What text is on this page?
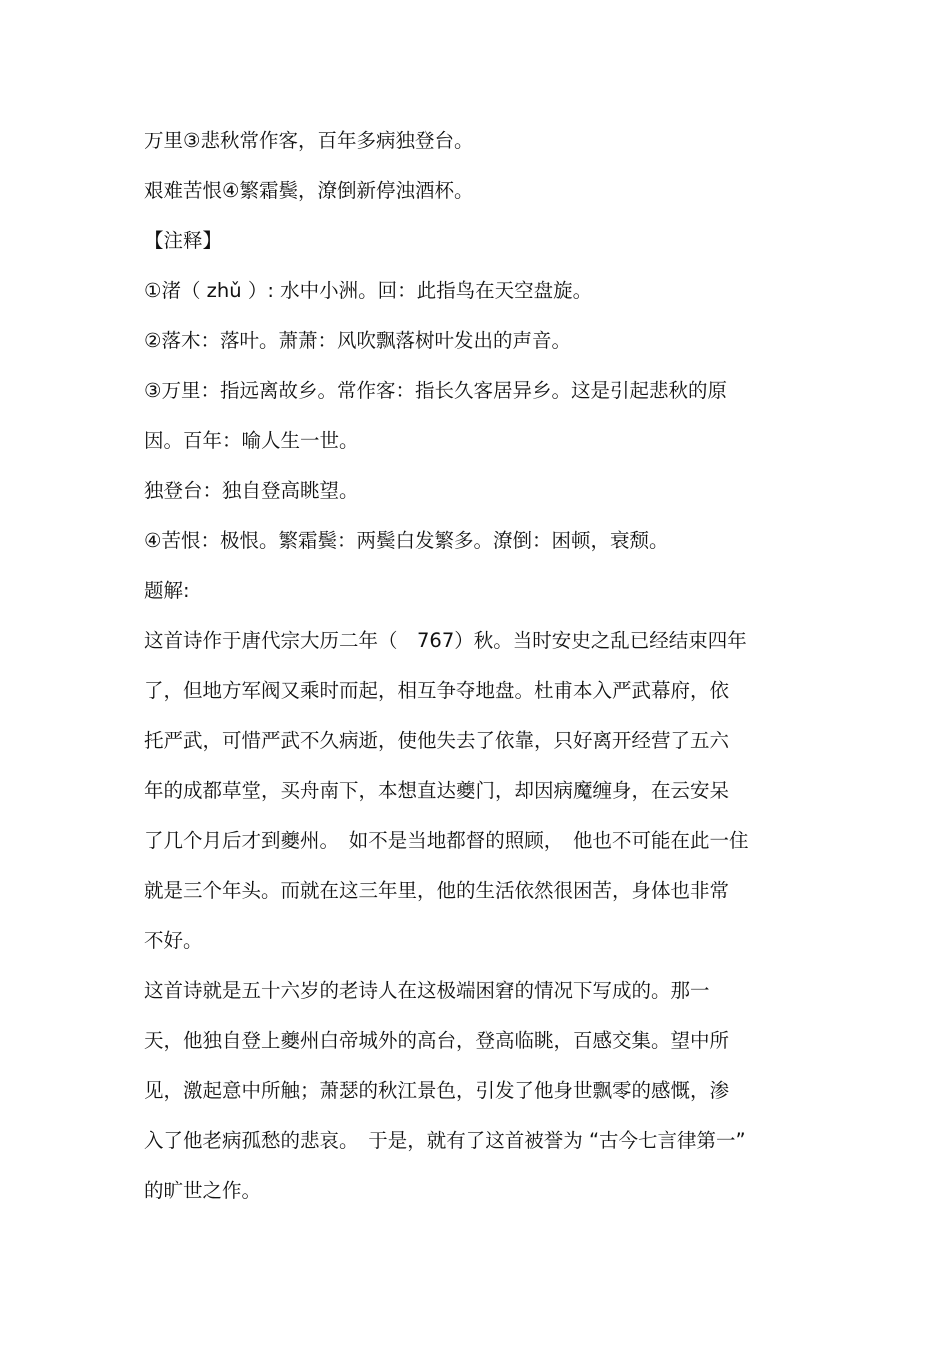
万里③悲秋常作客，百年多病独登台。
艰难苦恨④繁霜鬓，潦倒新停浊酒杯。
【注释】
①渚（ zhǔ ）: 水中小洲。回：此指鸟在天空盘旋。
②落木：落叶。萧萧：风吹飘落树叶发出的声音。
③万里：指远离故乡。常作客：指长久客居异乡。这是引起悲秋的原
因。百年：喻人生一世。
独登台：独自登高眺望。
④苦恨：极恨。繁霜鬓：两鬓白发繁多。潦倒：困顿，衰颓。
题解:
这首诗作于唐代宗大历二年（　767）秋。当时安史之乱已经结束四年
了，但地方军阀又乘时而起，相互争夺地盘。杜甫本入严武幕府，依
托严武，可惜严武不久病逝，使他失去了依靠，只好离开经营了五六
年的成都草堂，买舟南下，本想直达夔门，却因病魔缠身，在云安呆
了几个月后才到夔州。　如不是当地都督的照顾，　他也不可能在此一住
就是三个年头。而就在这三年里，他的生活依然很困苦，身体也非常
不好。
这首诗就是五十六岁的老诗人在这极端困窘的情况下写成的。那一
天，他独自登上夔州白帝城外的高台，登高临眺，百感交集。望中所
见，激起意中所触；萧瑟的秋江景色，引发了他身世飘零的感慨，渗
入了他老病孤愁的悲哀。　于是，就有了这首被誉为 “古今七言律第一”
的旷世之作。
